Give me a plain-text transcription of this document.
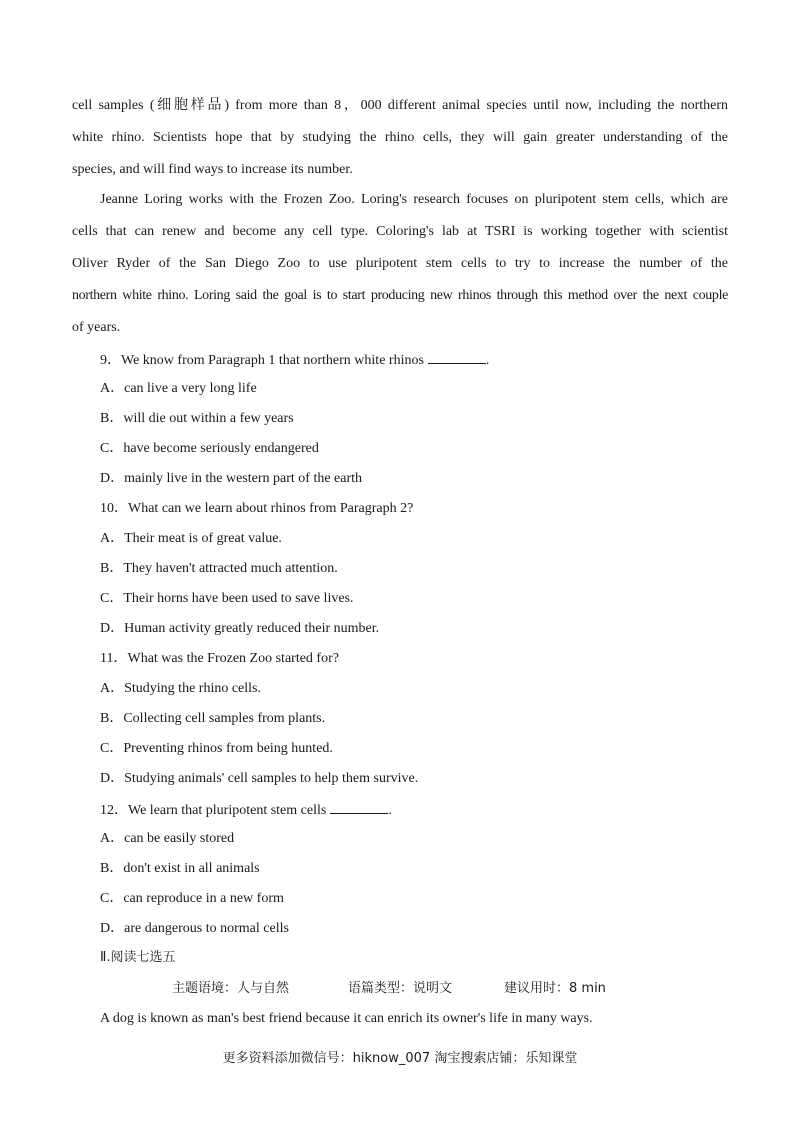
cell samples (细胞样品) from more than 8，000 different animal species until now, including the northern
white rhino. Scientists hope that by studying the rhino cells, they will gain greater understanding of the
species, and will find ways to increase its number.
Jeanne Loring works with the Frozen Zoo. Loring's research focuses on pluripotent stem cells, which are
cells that can renew and become any cell type. Coloring's lab at TSRI is working together with scientist
Oliver Ryder of the San Diego Zoo to use pluripotent stem cells to try to increase the number of the
northern white rhino. Loring said the goal is to start producing new rhinos through this method over the next couple
of years.

9．We know from Paragraph 1 that northern white rhinos	.

A．can live a very long life

B．will die out within a few years

C．have become seriously endangered

D．mainly live in the western part of the earth

10．What can we learn about rhinos from Paragraph 2?

A．Their meat is of great value.

B．They haven't attracted much attention.

C．Their horns have been used to save lives.

D．Human activity greatly reduced their number.

11．What was the Frozen Zoo started for?

A．Studying the rhino cells.

B．Collecting cell samples from plants.

C．Preventing rhinos from being hunted.

D．Studying animals' cell samples to help them survive.

12．We learn that pluripotent stem cells	.

A．can be easily stored

B．don't exist in all animals

C．can reproduce in a new form

D．are dangerous to normal cells

Ⅱ.阅读七选五

主题语境：人与自然	语篇类型：说明文	建议用时：8 min

A dog is known as man's best friend because it can enrich its owner's life in many ways.

更多资料添加微信号：hiknow_007 淘宝搜索店铺：乐知课堂
